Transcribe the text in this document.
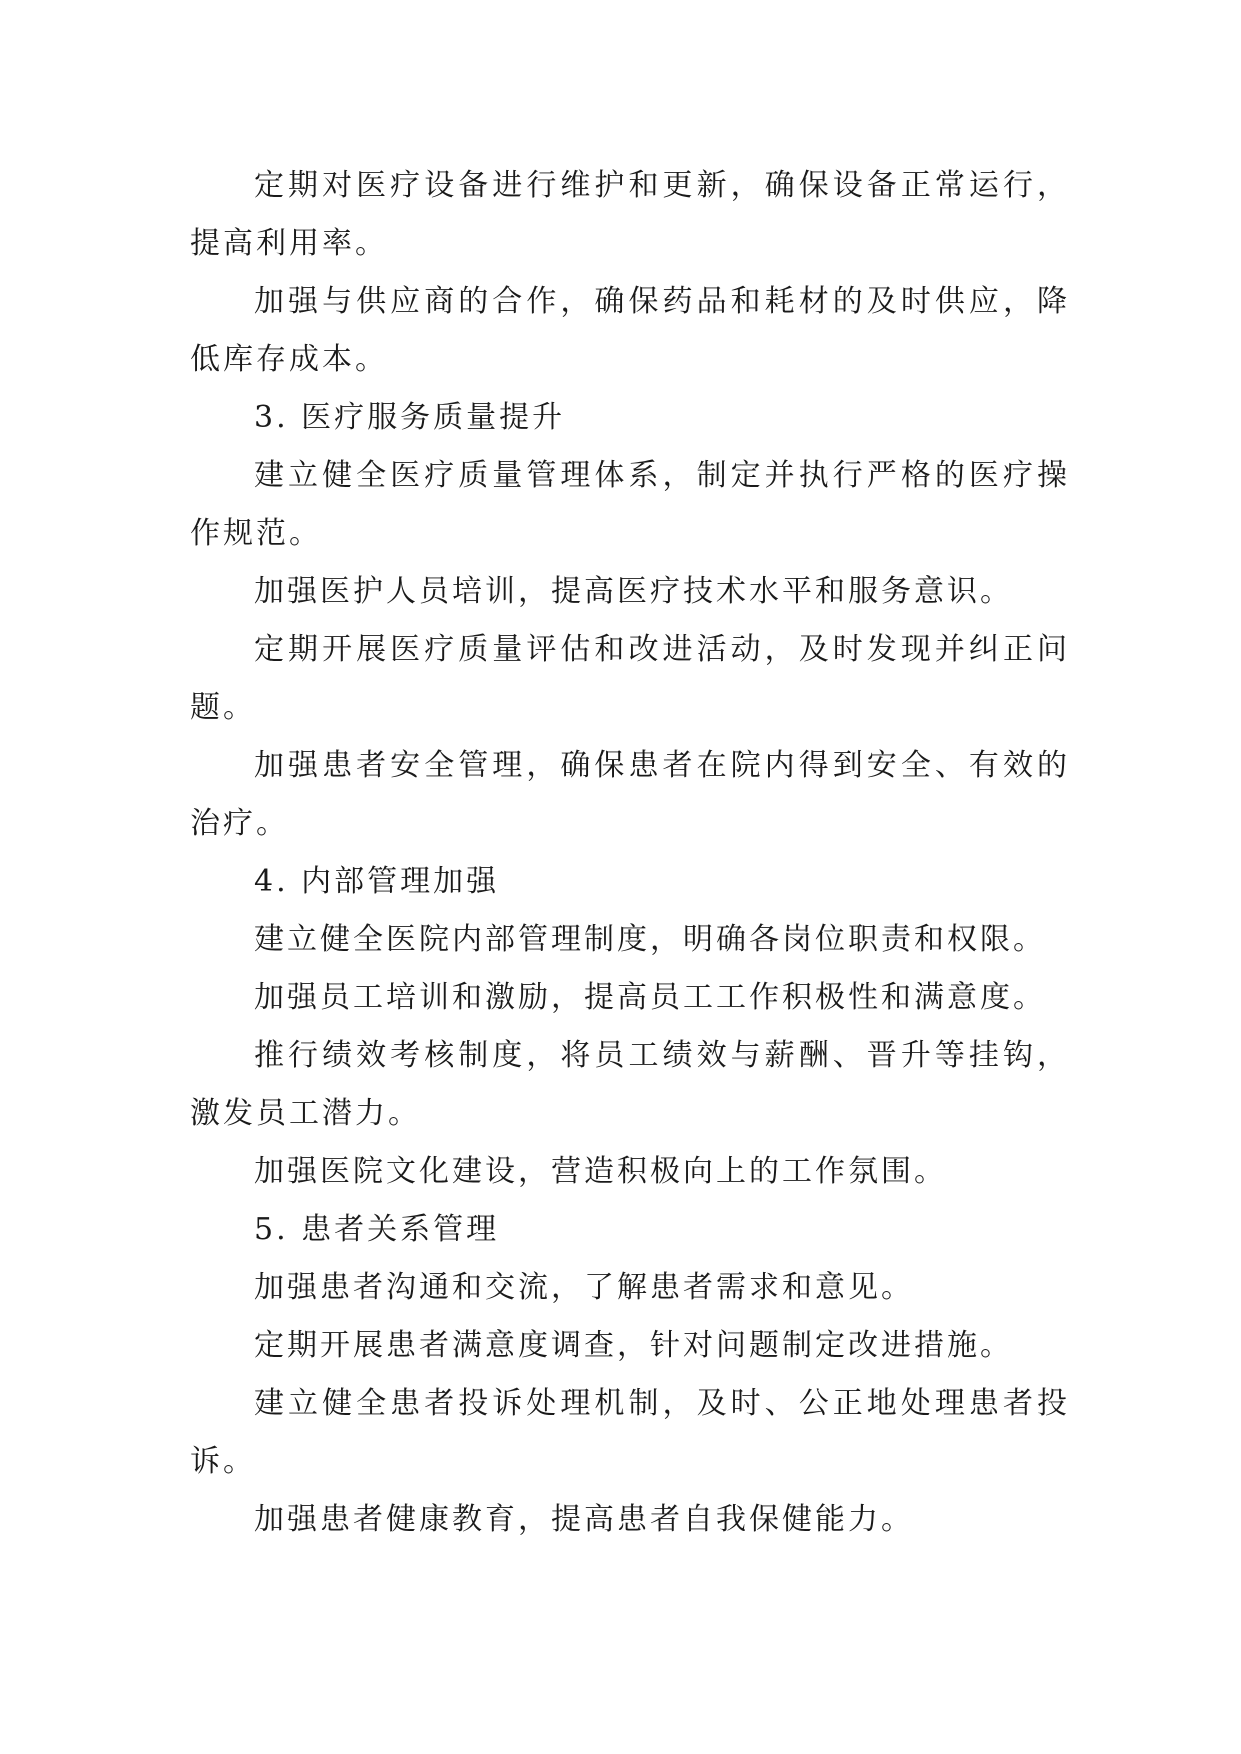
定期对医疗设备进行维护和更新，确保设备正常运行，提高利用率。

加强与供应商的合作，确保药品和耗材的及时供应，降低库存成本。

3. 医疗服务质量提升

建立健全医疗质量管理体系，制定并执行严格的医疗操作规范。

加强医护人员培训，提高医疗技术水平和服务意识。

定期开展医疗质量评估和改进活动，及时发现并纠正问题。

加强患者安全管理，确保患者在院内得到安全、有效的治疗。

4. 内部管理加强

建立健全医院内部管理制度，明确各岗位职责和权限。

加强员工培训和激励，提高员工工作积极性和满意度。

推行绩效考核制度，将员工绩效与薪酬、晋升等挂钩，激发员工潜力。

加强医院文化建设，营造积极向上的工作氛围。

5. 患者关系管理

加强患者沟通和交流，了解患者需求和意见。

定期开展患者满意度调查，针对问题制定改进措施。

建立健全患者投诉处理机制，及时、公正地处理患者投诉。

加强患者健康教育，提高患者自我保健能力。
